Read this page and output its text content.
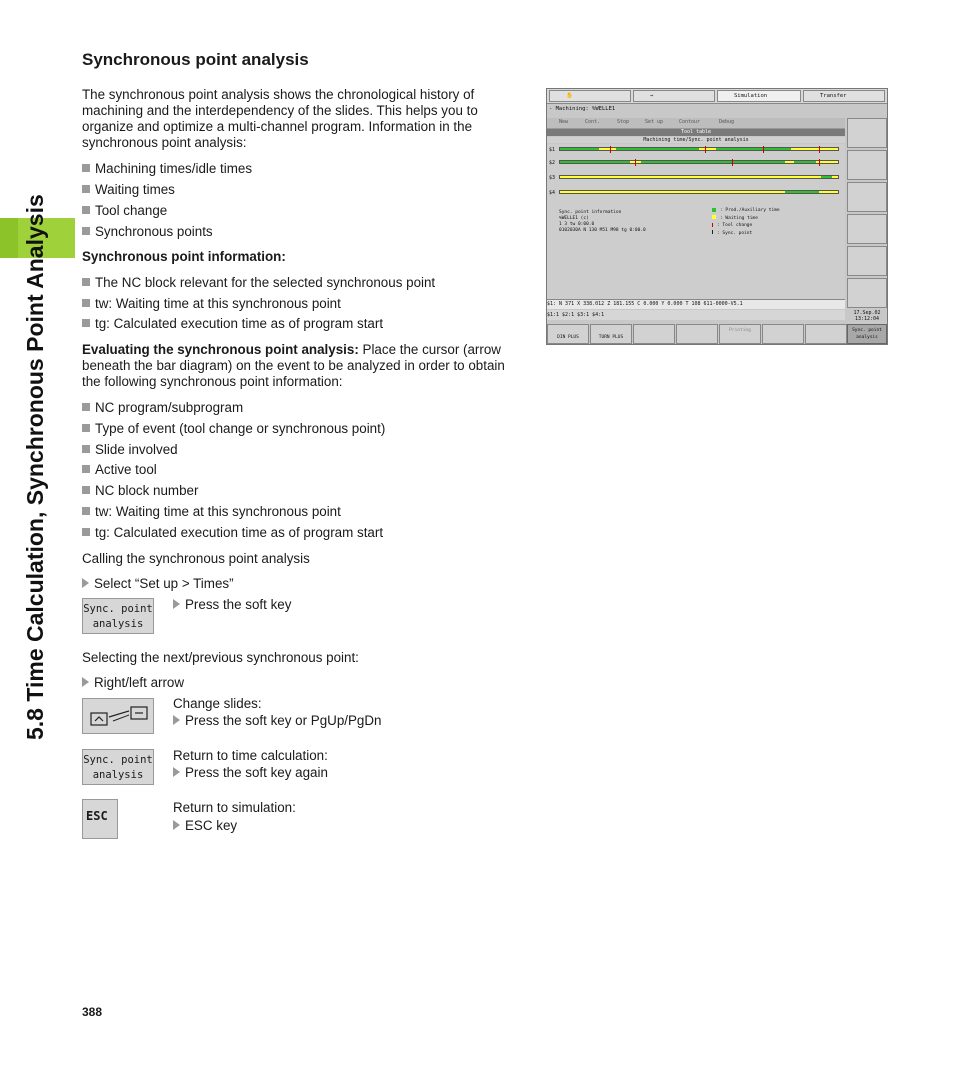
5.8 Time Calculation, Synchronous Point Analysis
Synchronous point analysis
The synchronous point analysis shows the chronological history of machining and the interdependency of the slides. This helps you to organize and optimize a multi-channel program. Information in the synchronous point analysis:
Machining times/idle times
Waiting times
Tool change
Synchronous points
Synchronous point information:
The NC block relevant for the selected synchronous point
tw: Waiting time at this synchronous point
tg: Calculated execution time as of program start
Evaluating the synchronous point analysis: Place the cursor (arrow beneath the bar diagram) on the event to be analyzed in order to obtain the following synchronous point information:
NC program/subprogram
Type of event (tool change or synchronous point)
Slide involved
Active tool
NC block number
tw: Waiting time at this synchronous point
tg: Calculated execution time as of program start
Calling the synchronous point analysis
Select “Set up > Times”
Sync. point
analysis
Press the soft key
Selecting the next/previous synchronous point:
Right/left arrow
Change slides:
Press the soft key or PgUp/PgDn
Sync. point
analysis
Return to time calculation:
Press the soft key again
ESC
Return to simulation:
ESC key
388
✋	⇒	Simulation	Transfer
- Machining: %WELLE1
New	Cont.	Stop	Set up	Contour	Debug
Tool table
Machining time/Sync. point analysis
$1
$2
$3
$4
Sync. point information
%WELLE1 (c)
1 3 tw 0:00.0
0102030A N 130 M51 M98 tg 0:00.0
: Prod./Auxiliary time
: Waiting time
: Tool change
: Sync. point
$1: N 371 X 338.012 Z 181.155 C 0.000 Y 0.000 T 108 611-0000-V5.1
$1:1 $2:1 $3:1 $4:1	17.Sep.02
13:12:04
DIN PLUS	TURN PLUS
Printing	Sync. point analysis
